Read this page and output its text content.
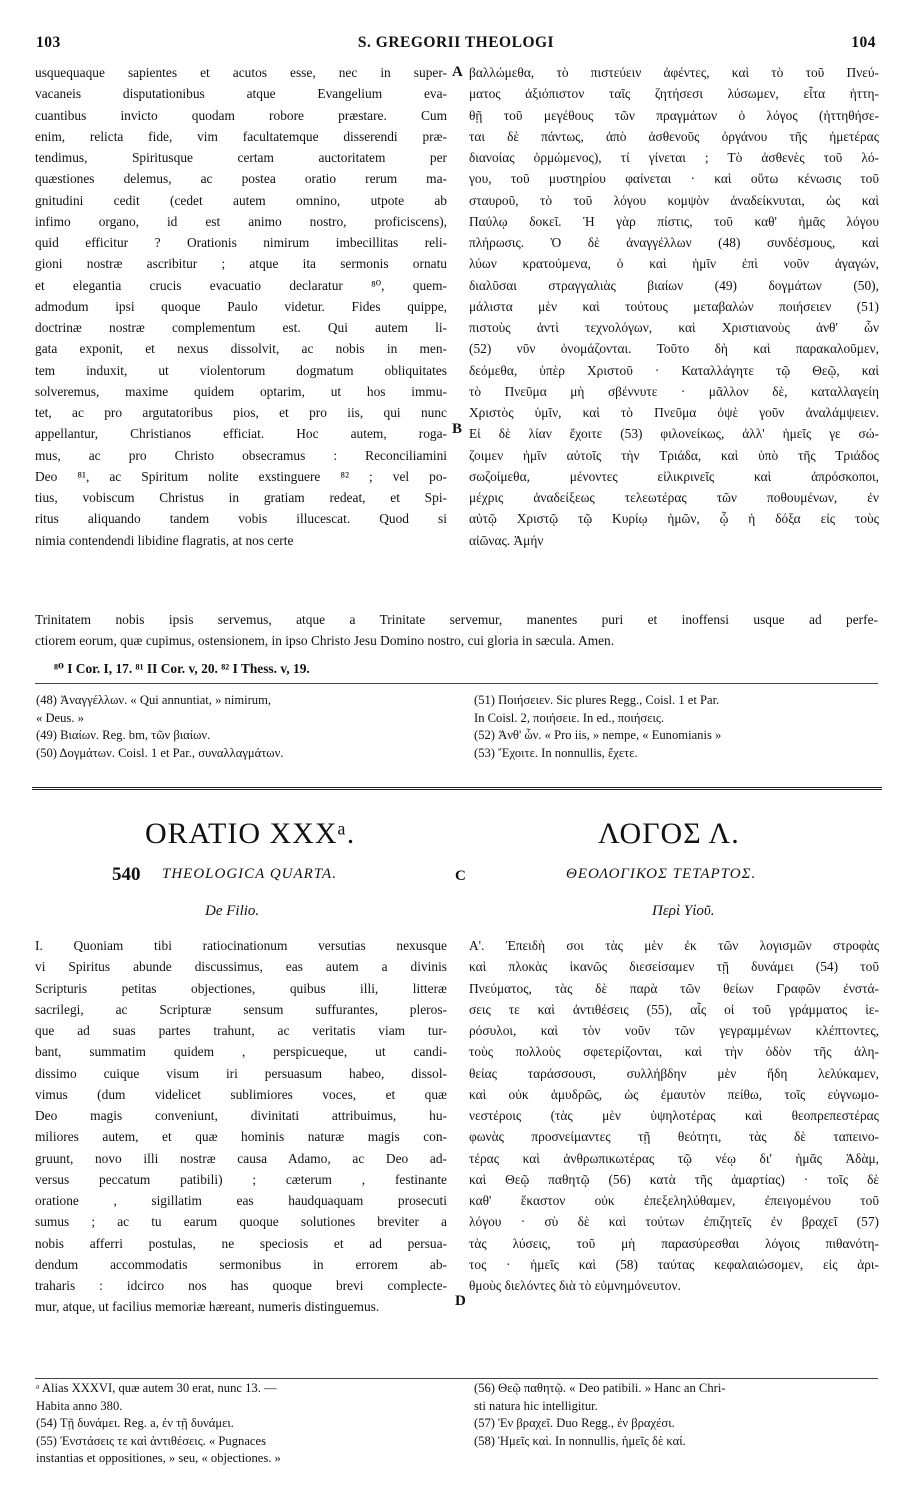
103	S. GREGORII THEOLOGI	104
usquequaque sapientes et acutos esse, nec in super-
vacaneis disputationibus atque Evangelium eva-
cuantibus invicto quodam robore præstare. Cum
enim, relicta fide, vim facultatemque disserendi præ-
tendimus, Spiritusque certam auctoritatem per
quæstiones delemus, ac postea oratio rerum ma-
gnitudini cedit (cedet autem omnino, utpote ab
infimo organo, id est animo nostro, proficiscens),
quid efficitur ? Orationis nimirum imbecillitas reli-
gioni nostræ ascribitur ; atque ita sermonis ornatu
et elegantia crucis evacuatio declaratur ⁸⁰, quem-
admodum ipsi quoque Paulo videtur. Fides quippe,
doctrinæ nostræ complementum est. Qui autem li-
gata exponit, et nexus dissolvit, ac nobis in men-
tem induxit, ut violentorum dogmatum obliquitates
solveremus, maxime quidem optarim, ut hos immu-
tet, ac pro argutatoribus pios, et pro iis, qui nunc
appellantur, Christianos efficiat. Hoc autem, roga-
mus, ac pro Christo obsecramus : Reconciliamini
Deo ⁸¹, ac Spiritum nolite exstinguere ⁸² ; vel po-
tius, vobiscum Christus in gratiam redeat, et Spi-
ritus aliquando tandem vobis illucescat. Quod si
nimia contendendi libidine flagratis, at nos certe
A
B
βαλλώμεθα, τὸ πιστεύειν ἀφέντες, καὶ τὸ τοῦ Πνεύ-
ματος ἀξιόπιστον ταῖς ζητήσεσι λύσωμεν, εἶτα ἡττη-
θῇ τοῦ μεγέθους τῶν πραγμάτων ὁ λόγος (ἡττηθήσε-
ται δὲ πάντως, ἀπὸ ἀσθενοῦς ὀργάνου τῆς ἡμετέρας
διανοίας ὁρμώμενος), τί γίνεται ; Τὸ ἀσθενὲς τοῦ λό-
γου, τοῦ μυστηρίου φαίνεται · καὶ οὕτω κένωσις τοῦ
σταυροῦ, τὸ τοῦ λόγου κομψὸν ἀναδείκνυται, ὡς καὶ
Παύλῳ δοκεῖ. Ἡ γὰρ πίστις, τοῦ καθ' ἡμᾶς λόγου
πλήρωσις. Ὁ δὲ ἀναγγέλλων (48) συνδέσμους, καὶ
λύων κρατούμενα, ὁ καὶ ἡμῖν ἐπὶ νοῦν ἀγαγών,
διαλῦσαι στραγγαλιὰς βιαίων (49) δογμάτων (50),
μάλιστα μὲν καὶ τούτους μεταβαλὼν ποιήσειεν (51)
πιστοὺς ἀντὶ τεχνολόγων, καὶ Χριστιανοὺς ἀνθ' ὧν
(52) νῦν ὀνομάζονται. Τοῦτο δὴ καὶ παρακαλοῦμεν,
δεόμεθα, ὑπὲρ Χριστοῦ · Καταλλάγητε τῷ Θεῷ, καὶ
τὸ Πνεῦμα μὴ σβέννυτε · μᾶλλον δὲ, καταλλαγείη
Χριστὸς ὑμῖν, καὶ τὸ Πνεῦμα ὀψὲ γοῦν ἀναλάμψειεν.
Εἰ δὲ λίαν ἔχοιτε (53) φιλονείκως, ἀλλ' ἡμεῖς γε σώ-
ζοιμεν ἡμῖν αὐτοῖς τὴν Τριάδα, καὶ ὑπὸ τῆς Τριάδος
σωζοίμεθα, μένοντες εἰλικρινεῖς καὶ ἀπρόσκοποι,
μέχρις ἀναδείξεως τελεωτέρας τῶν ποθουμένων, ἐν
αὐτῷ Χριστῷ τῷ Κυρίῳ ἡμῶν, ᾧ ἡ δόξα εἰς τοὺς
αἰῶνας. Ἀμήν
Trinitatem nobis ipsis servemus, atque a Trinitate servemur, manentes puri et inoffensi usque ad perfe-
ctiorem eorum, quæ cupimus, ostensionem, in ipso Christo Jesu Domino nostro, cui gloria in sæcula. Amen.
⁸⁰ I Cor. I, 17. ⁸¹ II Cor. v, 20. ⁸² I Thess. v, 19.
(48) Ἀναγγέλλων. « Qui annuntiat, » nimirum,
« Deus. »
(49) Βιαίων. Reg. bm, τῶν βιαίων.
(50) Δογμάτων. Coisl. 1 et Par., συναλλαγμάτων.
(51) Ποιήσειεν. Sic plures Regg., Coisl. 1 et Par.
In Coisl. 2, ποιήσειε. In ed., ποιήσεις.
(52) Ἀνθ' ὧν. « Pro iis, » nempe, « Eunomianis »
(53) Ἔχοιτε. In nonnullis, ἔχετε.
ORATIO XXXᵃ.	ΛΟΓΟΣ Λ.
540 THEOLOGICA QUARTA.	C	ΘΕΟΛΟΓΙΚΟΣ ΤΕΤΑΡΤΟΣ.
De Filio.	Περὶ Υἱοῦ.
I. Quoniam tibi ratiocinationum versutias nexusque
vi Spiritus abunde discussimus, eas autem a divinis
Scripturis petitas objectiones, quibus illi, litteræ
sacrilegi, ac Scripturæ sensum suffurantes, pleros-
que ad suas partes trahunt, ac veritatis viam tur-
bant, summatim quidem , perspicueque, ut candi-
dissimo cuique visum iri persuasum habeo, dissol-
vimus (dum videlicet sublimiores voces, et quæ
Deo magis conveniunt, divinitati attribuimus, hu-
miliores autem, et quæ hominis naturæ magis con-
gruunt, novo illi nostræ causa Adamo, ac Deo ad-
versus peccatum patibili) ; cæterum , festinante
oratione , sigillatim eas haudquaquam prosecuti
sumus ; ac tu earum quoque solutiones breviter a
nobis afferri postulas, ne speciosis et ad persua-
dendum accommodatis sermonibus in errorem ab-
traharis : idcirco nos has quoque brevi complecte-
mur, atque, ut facilius memoriæ hæreant, numeris distinguemus.	D
Α'. Ἐπειδὴ σοι τὰς μὲν ἐκ τῶν λογισμῶν στροφὰς
καὶ πλοκὰς ἱκανῶς διεσείσαμεν τῇ δυνάμει (54) τοῦ
Πνεύματος, τὰς δὲ παρὰ τῶν θείων Γραφῶν ἐνστά-
σεις τε καὶ ἀντιθέσεις (55), αἷς οἱ τοῦ γράμματος ἱε-
ρόσυλοι, καὶ τὸν νοῦν τῶν γεγραμμένων κλέπτοντες,
τοὺς πολλοὺς σφετερίζονται, καὶ τὴν ὁδὸν τῆς ἀλη-
θείας ταράσσουσι, συλλήβδην μὲν ἤδη λελύκαμεν,
καὶ οὐκ ἀμυδρῶς, ὡς ἐμαυτὸν πείθω, τοῖς εὐγνωμο-
νεστέροις (τὰς μὲν ὑψηλοτέρας καὶ θεοπρεπεστέρας
φωνὰς προσνείμαντες τῇ θεότητι, τὰς δὲ ταπεινο-
τέρας καὶ ἀνθρωπικωτέρας τῷ νέῳ δι' ἡμᾶς Ἀδὰμ,
καὶ Θεῷ παθητῷ (56) κατὰ τῆς ἁμαρτίας) · τοῖς δὲ
καθ' ἕκαστον οὐκ ἐπεξεληλύθαμεν, ἐπειγομένου τοῦ
λόγου · σὺ δὲ καὶ τούτων ἐπιζητεῖς ἐν βραχεῖ (57)
τὰς λύσεις, τοῦ μὴ παρασύρεσθαι λόγοις πιθανότη-
τος · ἡμεῖς καὶ (58) ταύτας κεφαλαιώσομεν, εἰς ἀρι-
θμοὺς διελόντες διὰ τὸ εὐμνημόνευτον.
ᵃ Alias XXXVI, quæ autem 30 erat, nunc 13. —
Habita anno 380.
(54) Τῇ δυνάμει. Reg. a, ἐν τῇ δυνάμει.
(55) Ἐνστάσεις τε καὶ ἀντιθέσεις. « Pugnaces
instantias et oppositiones, » seu, « objectiones. »
(56) Θεῷ παθητῷ. « Deo patibili. » Hanc an Chri-
sti natura hic intelligitur.
(57) Ἐν βραχεῖ. Duo Regg., ἐν βραχέσι.
(58) Ἡμεῖς καὶ. In nonnullis, ἡμεῖς δὲ καί.
